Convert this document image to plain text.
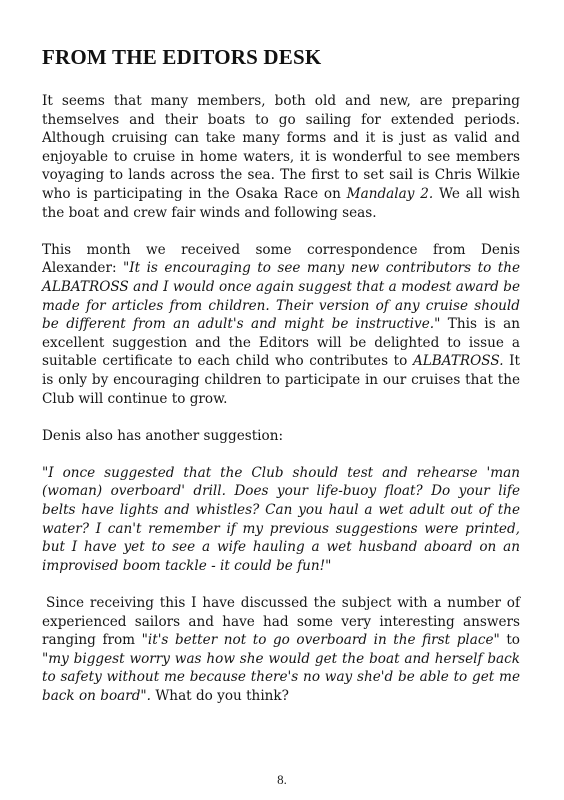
FROM THE EDITORS DESK

It seems that many members, both old and new, are preparing themselves and their boats to go sailing for extended periods. Although cruising can take many forms and it is just as valid and enjoyable to cruise in home waters, it is wonderful to see members voyaging to lands across the sea. The first to set sail is Chris Wilkie who is participating in the Osaka Race on Mandalay 2. We all wish the boat and crew fair winds and following seas.

This month we received some correspondence from Denis Alexander: "It is encouraging to see many new contributors to the ALBATROSS and I would once again suggest that a modest award be made for articles from children. Their version of any cruise should be different from an adult's and might be instructive." This is an excellent suggestion and the Editors will be delighted to issue a suitable certificate to each child who contributes to ALBATROSS. It is only by encouraging children to participate in our cruises that the Club will continue to grow.

Denis also has another suggestion:

"I once suggested that the Club should test and rehearse 'man (woman) overboard' drill. Does your life-buoy float? Do your life belts have lights and whistles? Can you haul a wet adult out of the water? I can't remember if my previous suggestions were printed, but I have yet to see a wife hauling a wet husband aboard on an improvised boom tackle - it could be fun!"

Since receiving this I have discussed the subject with a number of experienced sailors and have had some very interesting answers ranging from "it's better not to go overboard in the first place" to "my biggest worry was how she would get the boat and herself back to safety without me because there's no way she'd be able to get me back on board". What do you think?

8.
